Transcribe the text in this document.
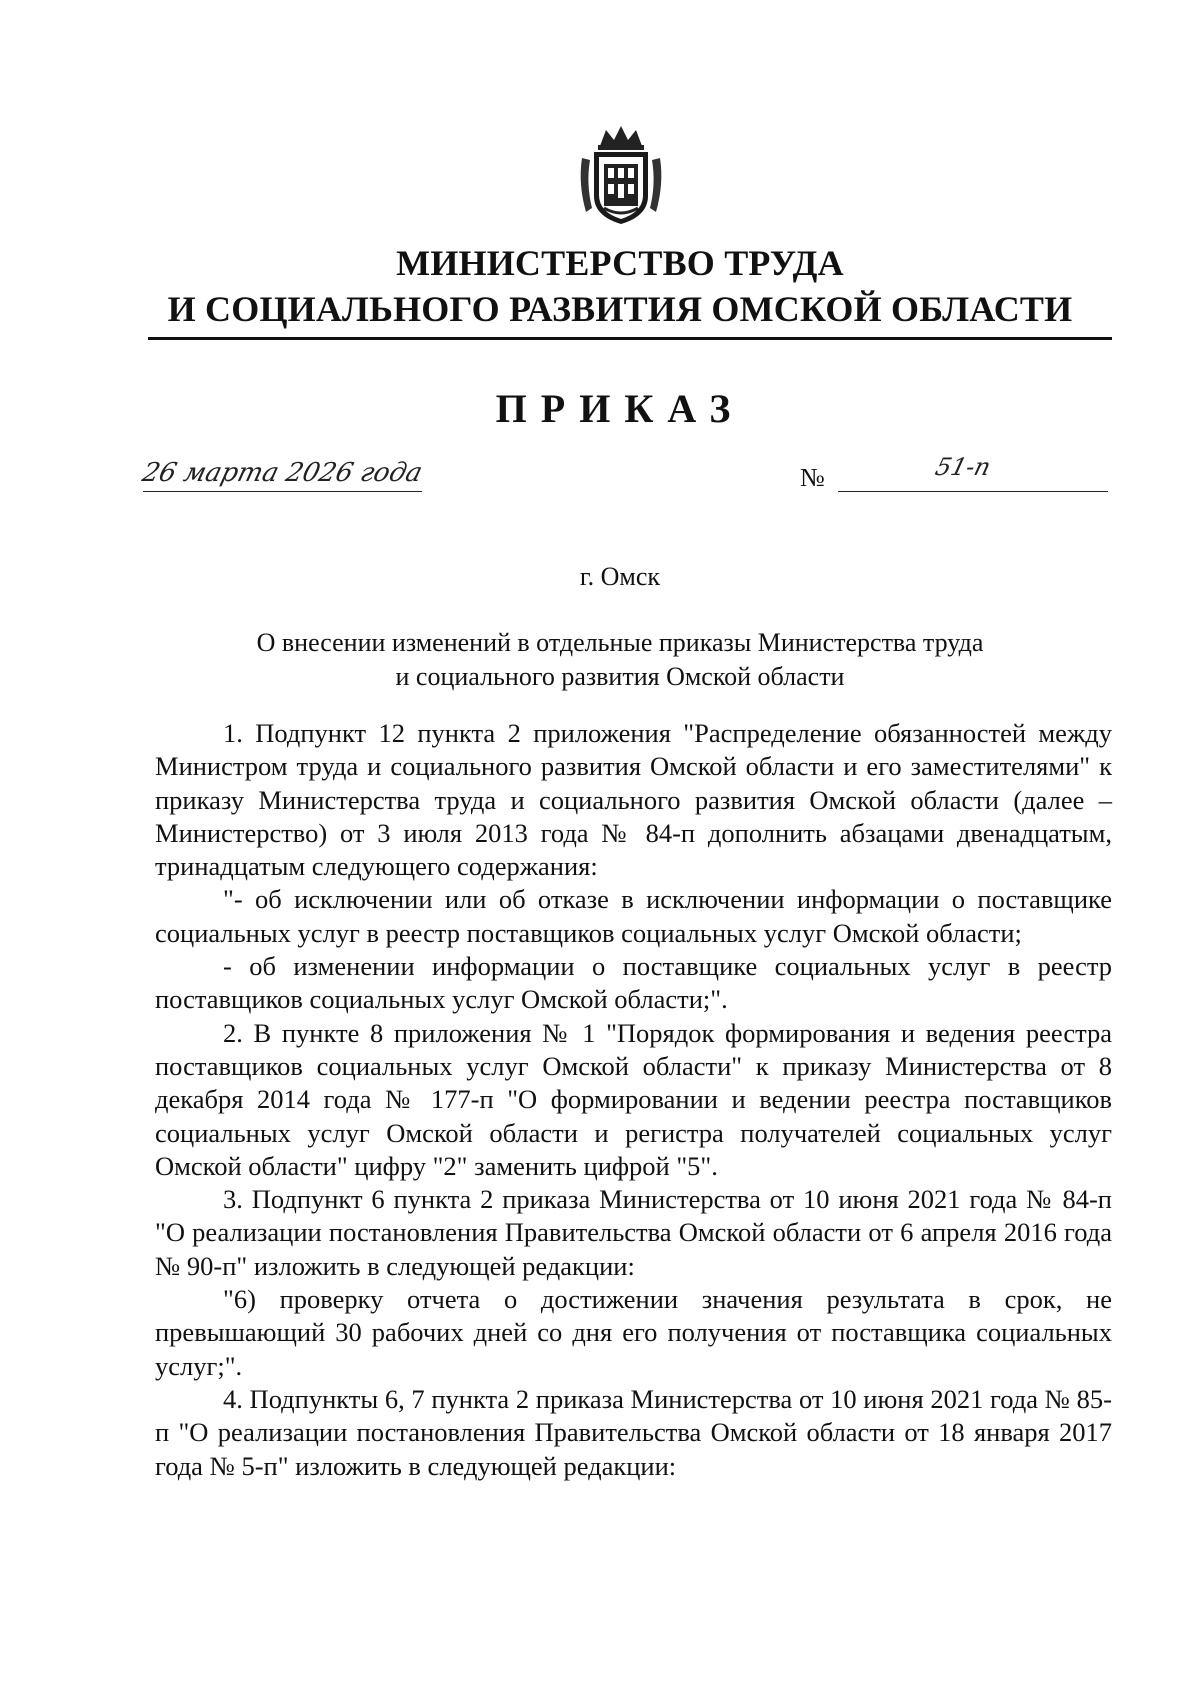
МИНИСТЕРСТВО ТРУДА
И СОЦИАЛЬНОГО РАЗВИТИЯ ОМСКОЙ ОБЛАСТИ
ПРИКАЗ
26 марта 2026 года	№	51-п
г. Омск
О внесении изменений в отдельные приказы Министерства труда
и социального развития Омской области

1. Подпункт 12 пункта 2 приложения "Распределение обязанностей между Министром труда и социального развития Омской области и его заместителями" к приказу Министерства труда и социального развития Омской области (далее – Министерство) от 3 июля 2013 года № 84-п дополнить абзацами двенадцатым, тринадцатым следующего содержания:

"- об исключении или об отказе в исключении информации о поставщике социальных услуг в реестр поставщиков социальных услуг Омской области;

- об изменении информации о поставщике социальных услуг в реестр поставщиков социальных услуг Омской области;".

2. В пункте 8 приложения № 1 "Порядок формирования и ведения реестра поставщиков социальных услуг Омской области" к приказу Министерства от 8 декабря 2014 года № 177-п "О формировании и ведении реестра поставщиков социальных услуг Омской области и регистра получателей социальных услуг Омской области" цифру "2" заменить цифрой "5".

3. Подпункт 6 пункта 2 приказа Министерства от 10 июня 2021 года № 84-п "О реализации постановления Правительства Омской области от 6 апреля 2016 года № 90-п" изложить в следующей редакции:

"6) проверку отчета о достижении значения результата в срок, не превышающий 30 рабочих дней со дня его получения от поставщика социальных услуг;".

4. Подпункты 6, 7 пункта 2 приказа Министерства от 10 июня 2021 года № 85-п "О реализации постановления Правительства Омской области от 18 января 2017 года № 5-п" изложить в следующей редакции:
